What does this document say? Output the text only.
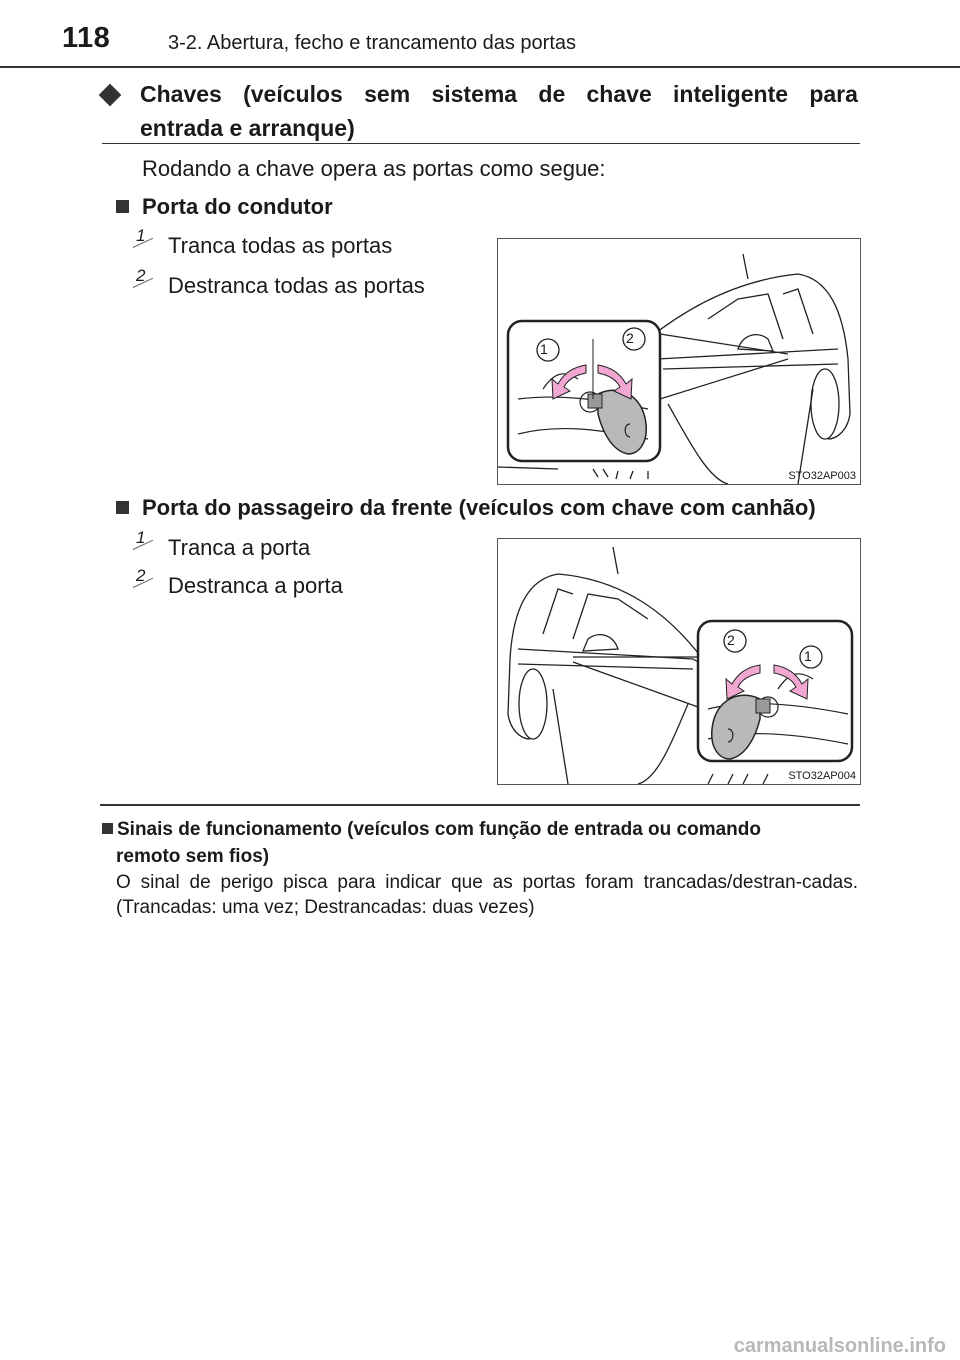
118	3-2. Abertura, fecho e trancamento das portas
Chaves (veículos sem sistema de chave inteligente para
entrada e arranque)
Rodando a chave opera as portas como segue:
Porta do condutor
1 Tranca todas as portas
2 Destranca todas as portas
1
2
STO32AP003
Porta do passageiro da frente (veículos com chave com canhão)
1 Tranca a porta
2 Destranca a porta
2
1
STO32AP004
Sinais de funcionamento (veículos com função de entrada ou comando
remoto sem fios)
O sinal de perigo pisca para indicar que as portas foram trancadas/destran-cadas. (Trancadas: uma vez; Destrancadas: duas vezes)
carmanualsonline.info
